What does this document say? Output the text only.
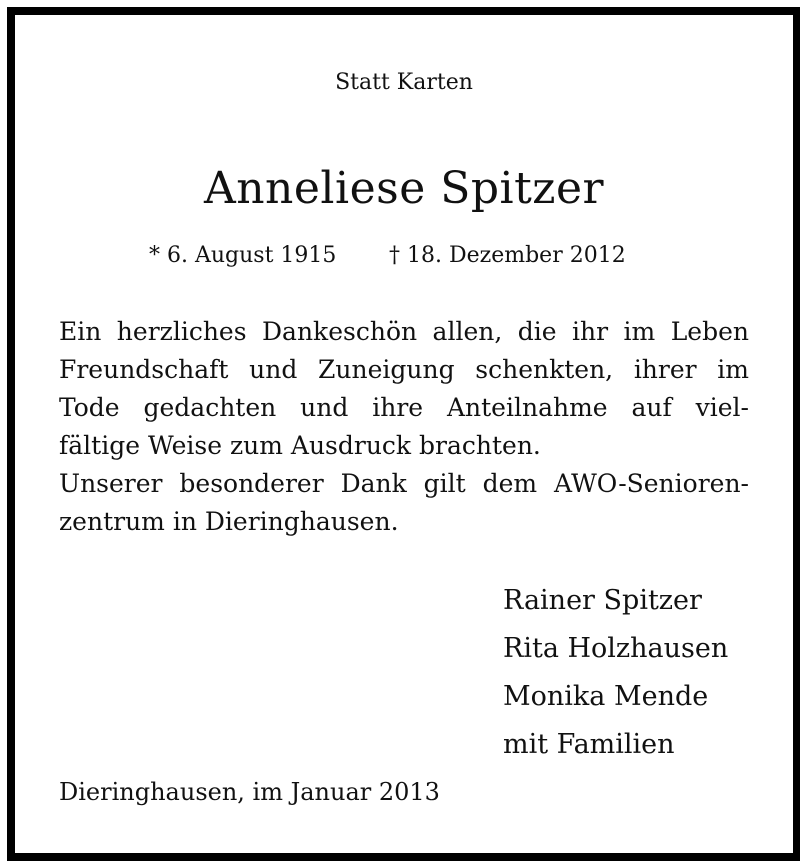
Statt Karten
Anneliese Spitzer
* 6. August 1915 † 18. Dezember 2012
Ein herzliches Dankeschön allen, die ihr im Leben
Freundschaft und Zuneigung schenkten, ihrer im
Tode gedachten und ihre Anteilnahme auf viel-
fältige Weise zum Ausdruck brachten.
Unserer besonderer Dank gilt dem AWO-Senioren-
zentrum in Dieringhausen.
Rainer Spitzer
Rita Holzhausen
Monika Mende
mit Familien
Dieringhausen, im Januar 2013
